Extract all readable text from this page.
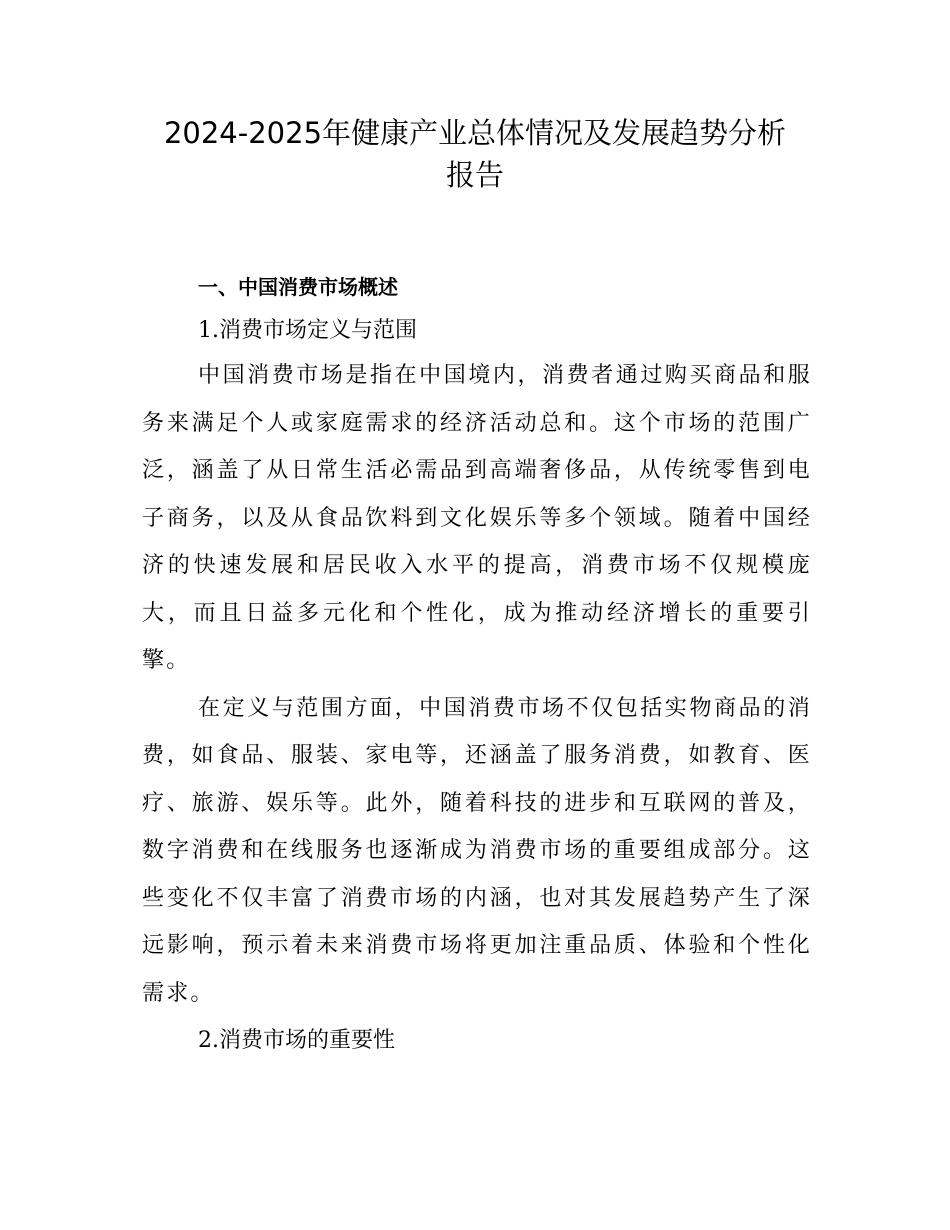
2024-2025年健康产业总体情况及发展趋势分析
报告
一、中国消费市场概述
1.消费市场定义与范围

中国消费市场是指在中国境内，消费者通过购买商品和服务来满足个人或家庭需求的经济活动总和。这个市场的范围广泛，涵盖了从日常生活必需品到高端奢侈品，从传统零售到电子商务，以及从食品饮料到文化娱乐等多个领域。随着中国经济的快速发展和居民收入水平的提高，消费市场不仅规模庞大，而且日益多元化和个性化，成为推动经济增长的重要引擎。

在定义与范围方面，中国消费市场不仅包括实物商品的消费，如食品、服装、家电等，还涵盖了服务消费，如教育、医疗、旅游、娱乐等。此外，随着科技的进步和互联网的普及，数字消费和在线服务也逐渐成为消费市场的重要组成部分。这些变化不仅丰富了消费市场的内涵，也对其发展趋势产生了深远影响，预示着未来消费市场将更加注重品质、体验和个性化需求。

2.消费市场的重要性
